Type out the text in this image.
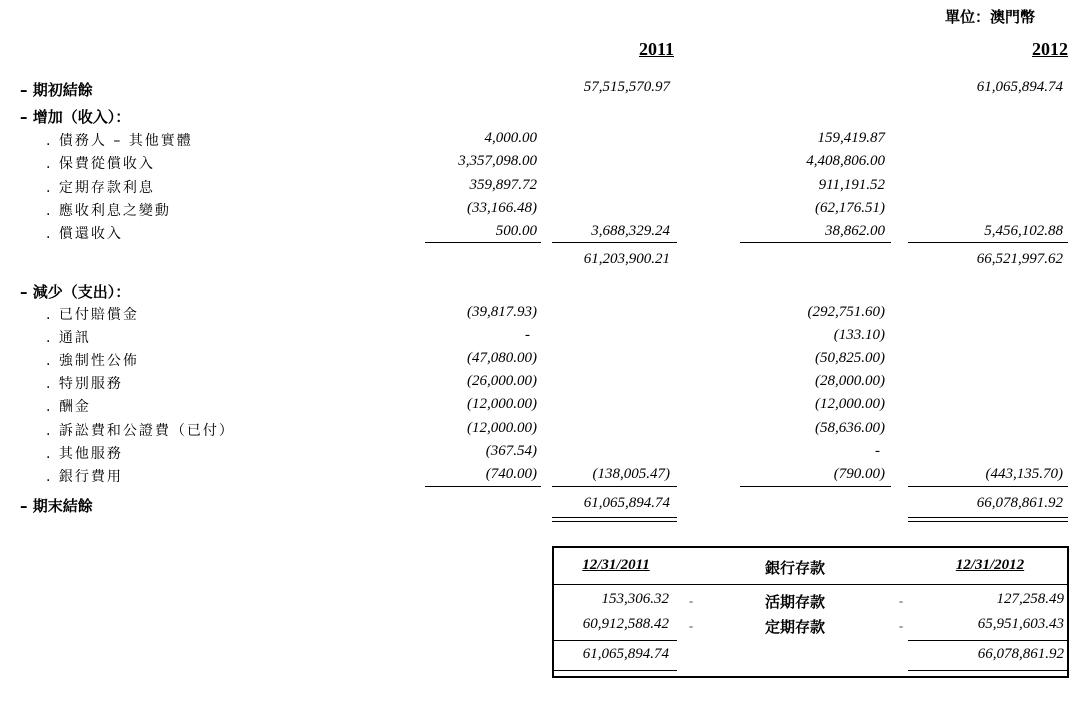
單位：澳門幣
2011	2012
– 期初結餘	57,515,570.97	61,065,894.74
– 增加（收入）：
. 債務人 – 其他實體	4,000.00	159,419.87
. 保費從償收入	3,357,098.00	4,408,806.00
. 定期存款利息	359,897.72	911,191.52
. 應收利息之變動	(33,166.48)	(62,176.51)
. 償還收入	500.00	3,688,329.24	38,862.00	5,456,102.88
61,203,900.21	66,521,997.62
– 減少（支出）：
. 已付賠償金	(39,817.93)	(292,751.60)
. 通訊	-	(133.10)
. 強制性公佈	(47,080.00)	(50,825.00)
. 特別服務	(26,000.00)	(28,000.00)
. 酬金	(12,000.00)	(12,000.00)
. 訴訟費和公證費（已付）	(12,000.00)	(58,636.00)
. 其他服務	(367.54)	-
. 銀行費用	(740.00)	(138,005.47)	(790.00)	(443,135.70)
– 期末結餘	61,065,894.74	66,078,861.92
12/31/2011	銀行存款	12/31/2012
153,306.32	-	活期存款	-	127,258.49
60,912,588.42	-	定期存款	-	65,951,603.43
61,065,894.74	66,078,861.92
